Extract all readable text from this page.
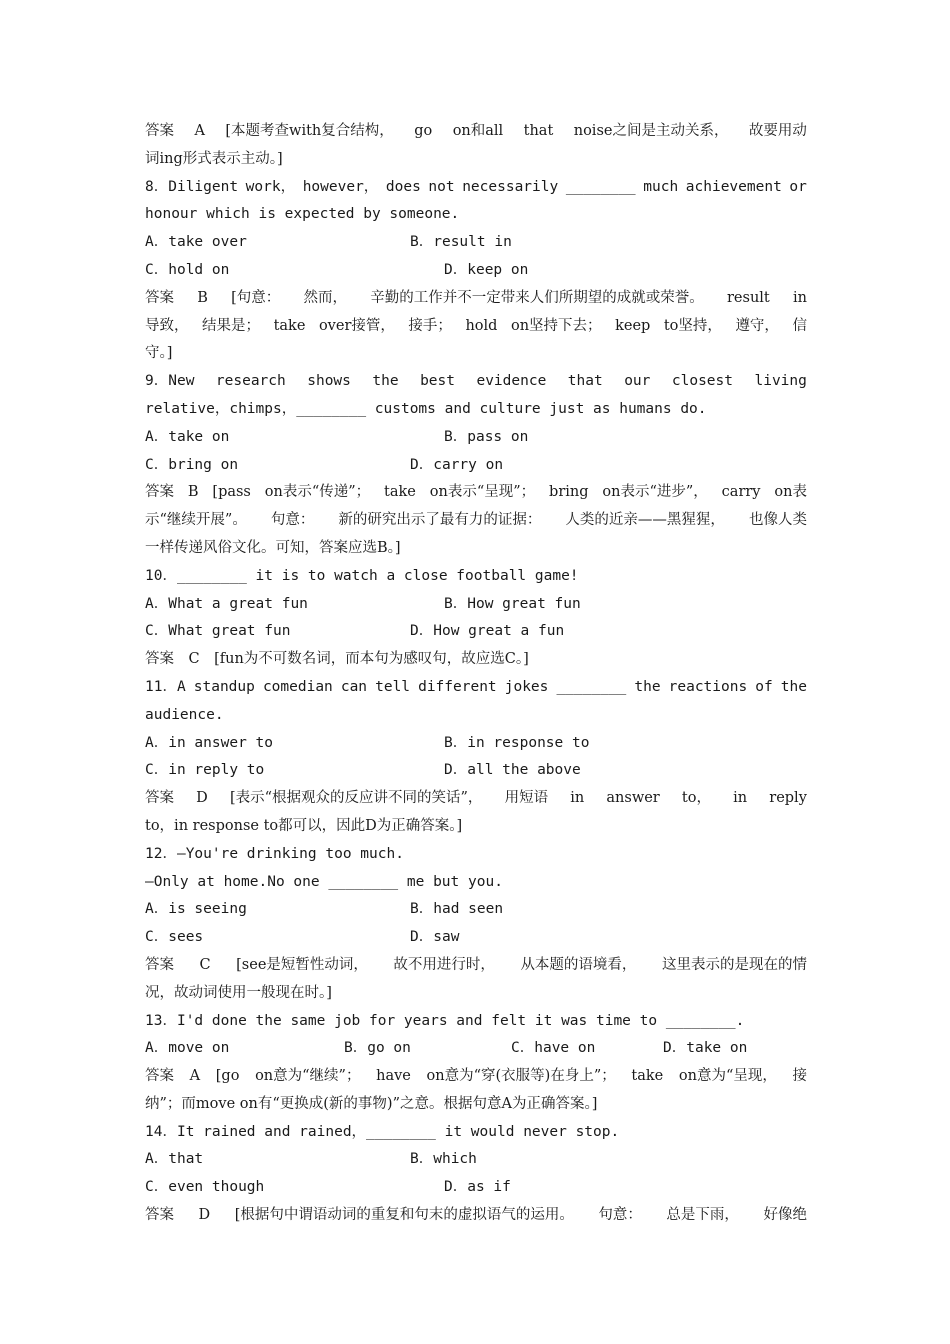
答案 A [本题考查with复合结构， go on和all that noise之间是主动关系， 故要用动
词ing形式表示主动。]
8．Diligent work， however， does not necessarily ________ much achievement or
honour which is expected by someone.

A．take over

	B．result in

C．hold on

	D．keep on

答案 B [句意： 然而， 辛勤的工作并不一定带来人们所期望的成就或荣誉。 result in
导致， 结果是； take over接管， 接手； hold on坚持下去； keep to坚持， 遵守， 信
守。]
9．New research shows the best evidence that our closest living
relative，chimps，________ customs and culture just as humans do.

A．take on

	B．pass on

C．bring on

	D．carry on

答案 B [pass on表示“传递”； take on表示“呈现”； bring on表示“进步”， carry on表
示“继续开展”。 句意： 新的研究出示了最有力的证据： 人类的近亲——黑猩猩， 也像人类
一样传递风俗文化。可知，答案应选B。]
10．________ it is to watch a close football game!

A．What a great fun

	B．How great fun

C．What great fun

	D．How great a fun

答案　C　[fun为不可数名词，而本句为感叹句，故应选C。]
11．A standup comedian can tell different jokes ________ the reactions of the
audience.

A．in answer to

	B．in response to

C．in reply to

	D．all the above

答案 D [表示“根据观众的反应讲不同的笑话”， 用短语 in answer to， in reply
to，in response to都可以，因此D为正确答案。]
12．—You're drinking too much.
—Only at home.No one ________ me but you.

A．is seeing

	B．had seen

C．sees

	D．saw

答案 C [see是短暂性动词， 故不用进行时， 从本题的语境看， 这里表示的是现在的情
况，故动词使用一般现在时。]
13．I'd done the same job for years and felt it was time to ________.

A．move on

	B．go on

	C．have on

	D．take on

答案 A [go on意为“继续”； have on意为“穿(衣服等)在身上”； take on意为“呈现， 接
纳”；而move on有“更换成(新的事物)”之意。根据句意A为正确答案。]
14．It rained and rained，________ it would never stop.

A．that

	B．which

C．even though

	D．as if

答案 D [根据句中谓语动词的重复和句末的虚拟语气的运用。 句意： 总是下雨， 好像绝
